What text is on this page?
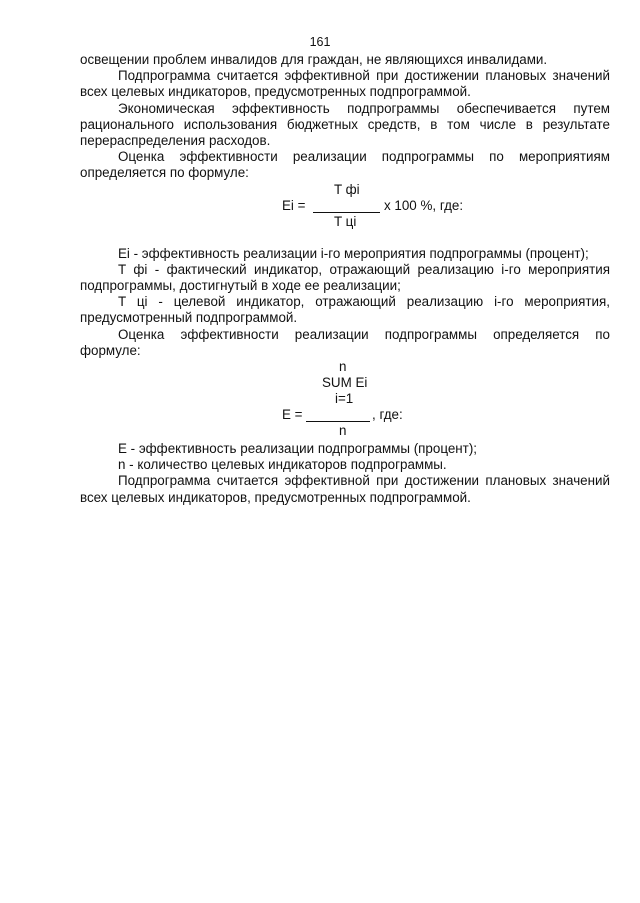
161

освещении проблем инвалидов для граждан, не являющихся инвалидами.

Подпрограмма считается эффективной при достижении плановых значений всех целевых индикаторов, предусмотренных подпрограммой.

Экономическая эффективность подпрограммы обеспечивается путем рационального использования бюджетных средств, в том числе в результате перераспределения расходов.

Оценка эффективности реализации подпрограммы по мероприятиям определяется по формуле:

T фi
Ei =	x 100 %, где:
T цi

Ei - эффективность реализации i-го мероприятия подпрограммы (процент);

T фi - фактический индикатор, отражающий реализацию i-го мероприятия подпрограммы, достигнутый в ходе ее реализации;

T цi - целевой индикатор, отражающий реализацию i-го мероприятия, предусмотренный подпрограммой.

Оценка эффективности реализации подпрограммы определяется по формуле:

n
SUM Ei
i=1
E =	, где:
n

E - эффективность реализации подпрограммы (процент);

n - количество целевых индикаторов подпрограммы.

Подпрограмма считается эффективной при достижении плановых значений всех целевых индикаторов, предусмотренных подпрограммой.
